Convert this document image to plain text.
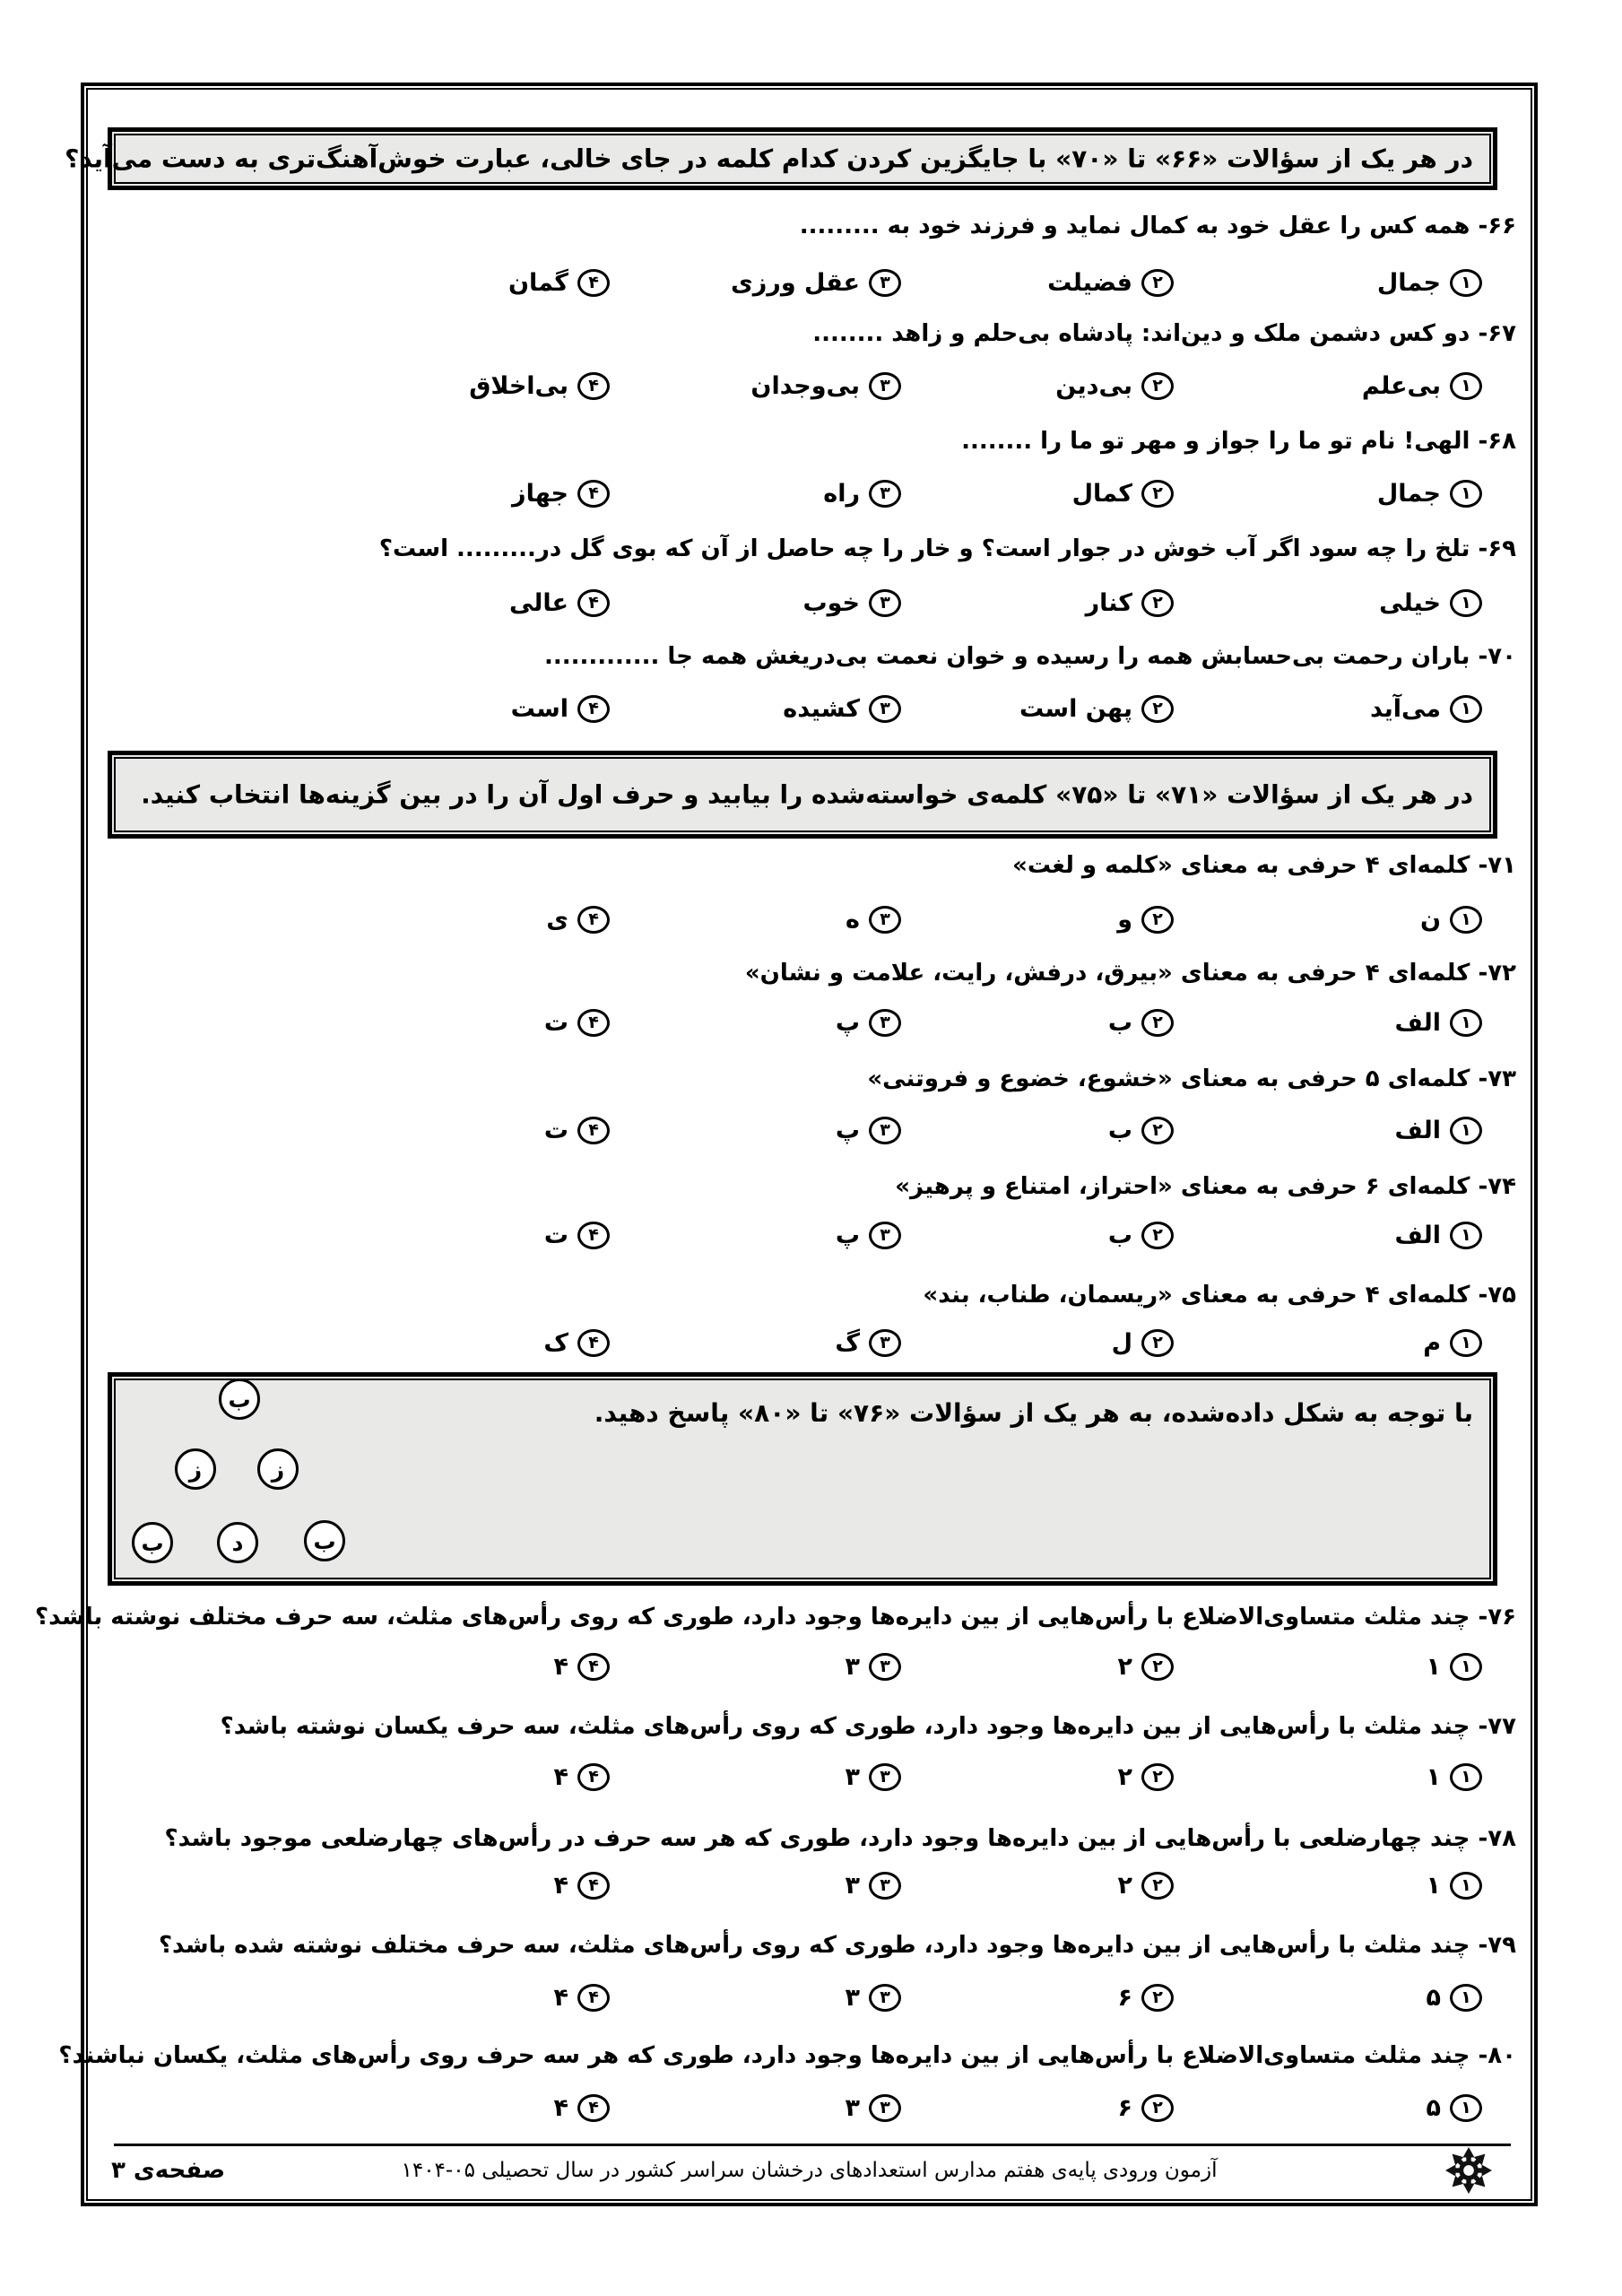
در هر یک از سؤالات «۶۶» تا «۷۰» با جایگزین کردن کدام کلمه در جای خالی، عبارت خوش‌آهنگ‌تری به دست می‌آید؟
در هر یک از سؤالات «۷۱» تا «۷۵» کلمه‌ی خواسته‌شده را بیابید و حرف اول آن را در بین گزینه‌ها انتخاب کنید.
با توجه به شکل داده‌شده، به هر یک از سؤالات «۷۶» تا «۸۰» پاسخ دهید.
ب
ز	ز
ب	د	ب
آزمون ورودی پایه‌ی هفتم مدارس استعدادهای درخشان سراسر کشور در سال تحصیلی ۰۵-۱۴۰۴
صفحه‌ی ۳
۶۶- همه کس را عقل خود به کمال نماید و فرزند خود به .........
۱
جمال
۲
فضیلت
۳
عقل ورزی
۴
گمان
۶۷- دو کس دشمن ملک و دین‌اند: پادشاه بی‌حلم و زاهد ........
۱
بی‌علم
۲
بی‌دین
۳
بی‌وجدان
۴
بی‌اخلاق
۶۸- الهی! نام تو ما را جواز و مهر تو ما را ........
۱
جمال
۲
کمال
۳
راه
۴
جهاز
۶۹- تلخ را چه سود اگر آب خوش در جوار است؟ و خار را چه حاصل از آن که بوی گل در......... است؟
۱
خیلی
۲
کنار
۳
خوب
۴
عالی
۷۰- باران رحمت بی‌حسابش همه را رسیده و خوان نعمت بی‌دریغش همه جا .............
۱
می‌آید
۲
پهن است
۳
کشیده
۴
است
۷۱- کلمه‌ای ۴ حرفی به معنای «کلمه و لغت»
۱
ن
۲
و
۳
ه
۴
ی
۷۲- کلمه‌ای ۴ حرفی به معنای «بیرق، درفش، رایت، علامت و نشان»
۱
الف
۲
ب
۳
پ
۴
ت
۷۳- کلمه‌ای ۵ حرفی به معنای «خشوع، خضوع و فروتنی»
۱
الف
۲
ب
۳
پ
۴
ت
۷۴- کلمه‌ای ۶ حرفی به معنای «احتراز، امتناع و پرهیز»
۱
الف
۲
ب
۳
پ
۴
ت
۷۵- کلمه‌ای ۴ حرفی به معنای «ریسمان، طناب، بند»
۱
م
۲
ل
۳
گ
۴
ک
۷۶- چند مثلث متساوی‌الاضلاع با رأس‌هایی از بین دایره‌ها وجود دارد، طوری که روی رأس‌های مثلث، سه حرف مختلف نوشته باشد؟
۱
۱
۲
۲
۳
۳
۴
۴
۷۷- چند مثلث با رأس‌هایی از بین دایره‌ها وجود دارد، طوری که روی رأس‌های مثلث، سه حرف یکسان نوشته باشد؟
۱
۱
۲
۲
۳
۳
۴
۴
۷۸- چند چهارضلعی با رأس‌هایی از بین دایره‌ها وجود دارد، طوری که هر سه حرف در رأس‌های چهارضلعی موجود باشد؟
۱
۱
۲
۲
۳
۳
۴
۴
۷۹- چند مثلث با رأس‌هایی از بین دایره‌ها وجود دارد، طوری که روی رأس‌های مثلث، سه حرف مختلف نوشته شده باشد؟
۱
۵
۲
۶
۳
۳
۴
۴
۸۰- چند مثلث متساوی‌الاضلاع با رأس‌هایی از بین دایره‌ها وجود دارد، طوری که هر سه حرف روی رأس‌های مثلث، یکسان نباشند؟
۱
۵
۲
۶
۳
۳
۴
۴
